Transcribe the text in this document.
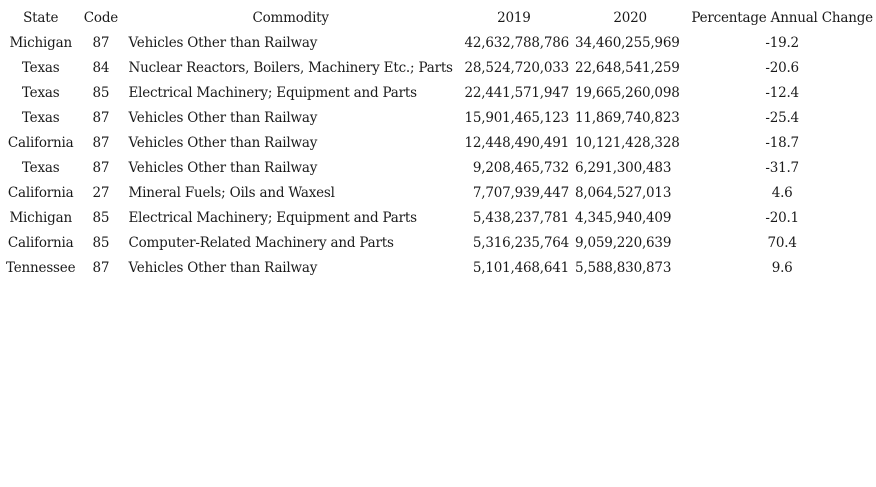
State	Code	Commodity	2019	2020	Percentage Annual Change
Michigan	87	Vehicles Other than Railway	42,632,788,786	34,460,255,969	-19.2
Texas	84	Nuclear Reactors, Boilers, Machinery Etc.; Parts	28,524,720,033	22,648,541,259	-20.6
Texas	85	Electrical Machinery; Equipment and Parts	22,441,571,947	19,665,260,098	-12.4
Texas	87	Vehicles Other than Railway	15,901,465,123	11,869,740,823	-25.4
California	87	Vehicles Other than Railway	12,448,490,491	10,121,428,328	-18.7
Texas	87	Vehicles Other than Railway	9,208,465,732	6,291,300,483	-31.7
California	27	Mineral Fuels; Oils and Waxesl	7,707,939,447	8,064,527,013	4.6
Michigan	85	Electrical Machinery; Equipment and Parts	5,438,237,781	4,345,940,409	-20.1
California	85	Computer-Related Machinery and Parts	5,316,235,764	9,059,220,639	70.4
Tennessee	87	Vehicles Other than Railway	5,101,468,641	5,588,830,873	9.6
